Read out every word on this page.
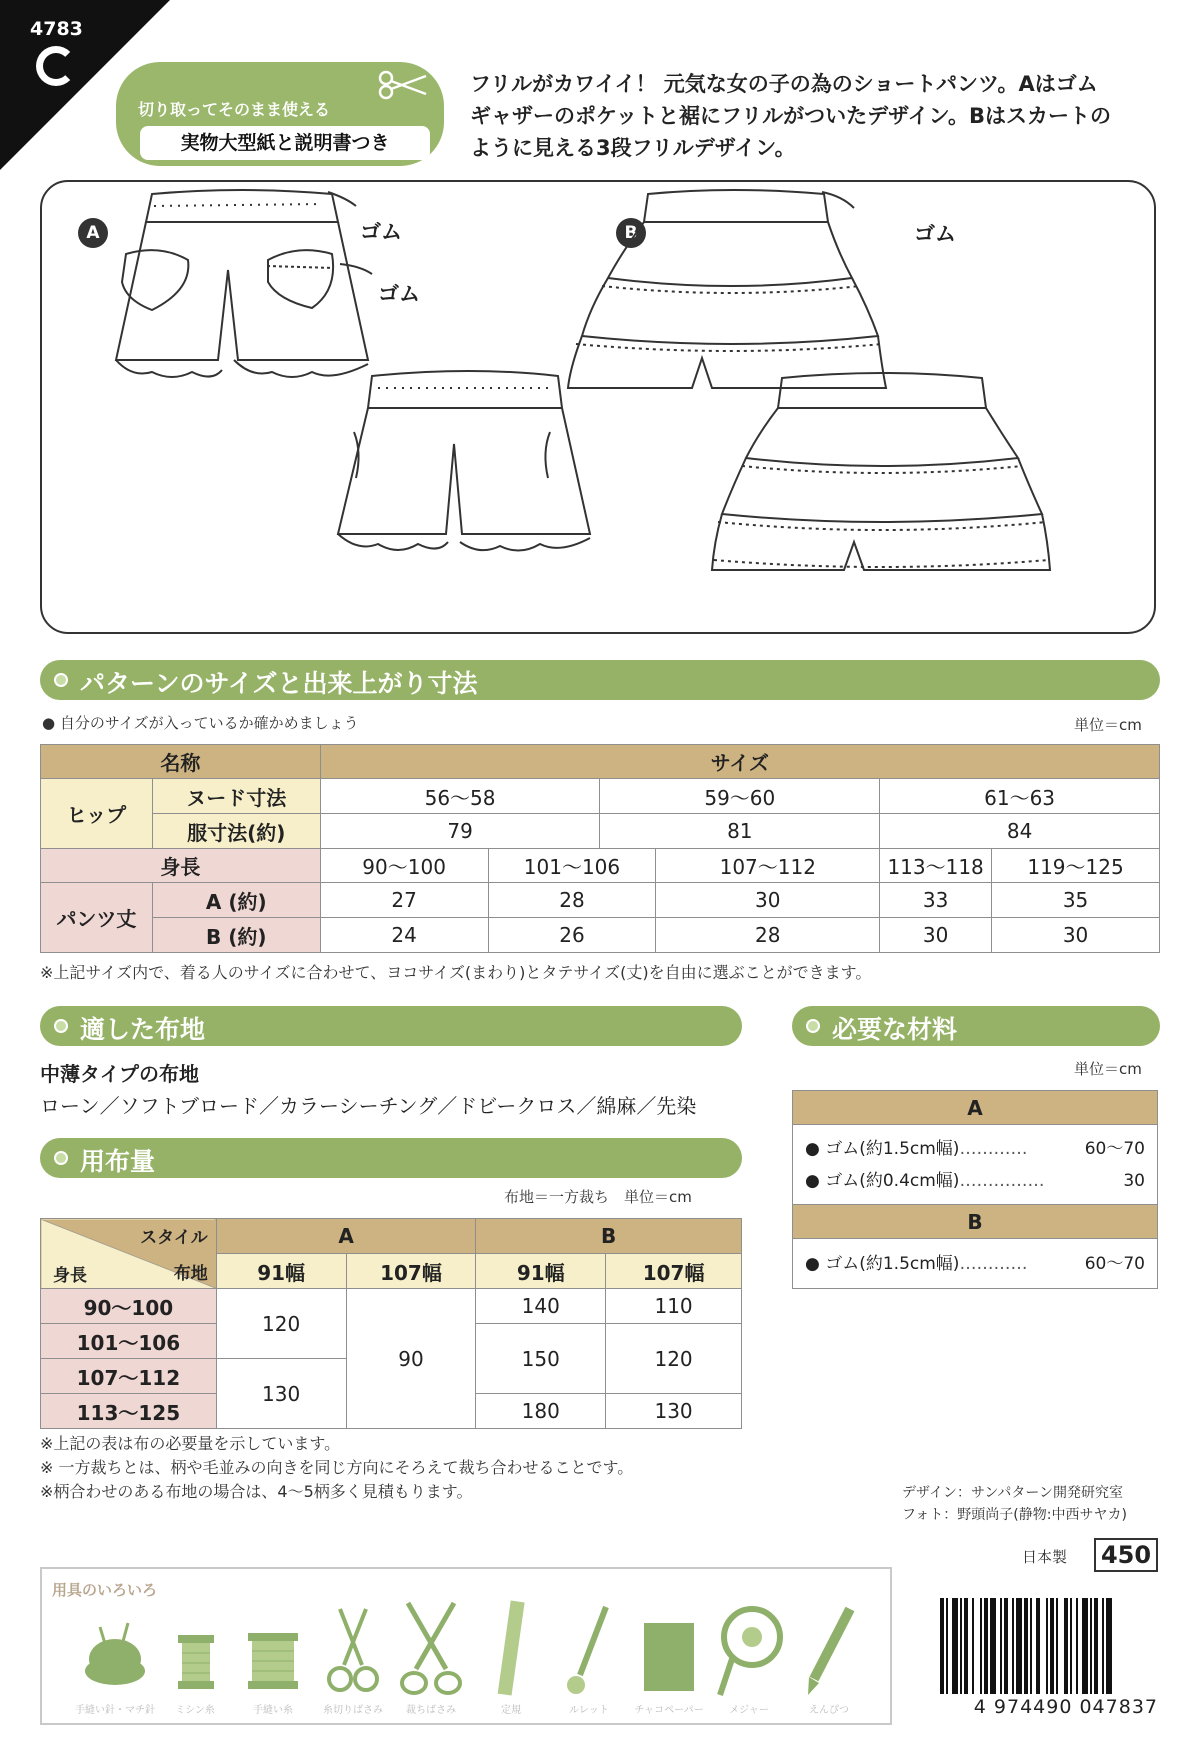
4783
切り取ってそのまま使える
実物大型紙と説明書つき
フリルがカワイイ！ 元気な女の子の為のショートパンツ。Aはゴム
ギャザーのポケットと裾にフリルがついたデザイン。Bはスカートの
ように見える3段フリルデザイン。
A	B
ゴム
ゴム
ゴム
パターンのサイズと出来上がり寸法
● 自分のサイズが入っているか確かめましょう	単位＝cm
名称		サイズ					
ヒップ	ヌード寸法	56〜58		59〜60		61〜63	
	服寸法(約)	79		81		84	
身長		90〜100	101〜106		107〜112	113〜118	119〜125
パンツ丈	A (約)	27	28		30	33	35
	B (約)	24	26		28	30	30
※上記サイズ内で、着る人のサイズに合わせて、ヨコサイズ(まわり)とタテサイズ(丈)を自由に選ぶことができます。
適した布地
中薄タイプの布地
ローン／ソフトブロード／カラーシーチング／ドビークロス／綿麻／先染
用布量
布地＝一方裁ち　単位＝cm
スタイル
布地
身長	A		B	
	91幅	107幅	91幅	107幅
90〜100	120	90	140	110
101〜106			150	120
107〜112	130			
113〜125			180	130
※上記の表は布の必要量を示しています。
※ 一方裁ちとは、柄や毛並みの向きを同じ方向にそろえて裁ち合わせることです。
※柄合わせのある布地の場合は、4〜5柄多く見積もります。
必要な材料
単位＝cm
A

● ゴム(約1.5cm幅) …………	60〜70
● ゴム(約0.4cm幅) ……………	30

B

● ゴム(約1.5cm幅) …………	60〜70
デザイン：サンパターン開発研究室
フォト：野頭尚子(静物:中西サヤカ)
日本製 450
用具のいろいろ
手縫い針・マチ針	ミシン糸	手縫い糸	糸切りばさみ	裁ちばさみ	定規	ルレット	チャコペーパー	メジャー	えんぴつ	4 974490 047837
